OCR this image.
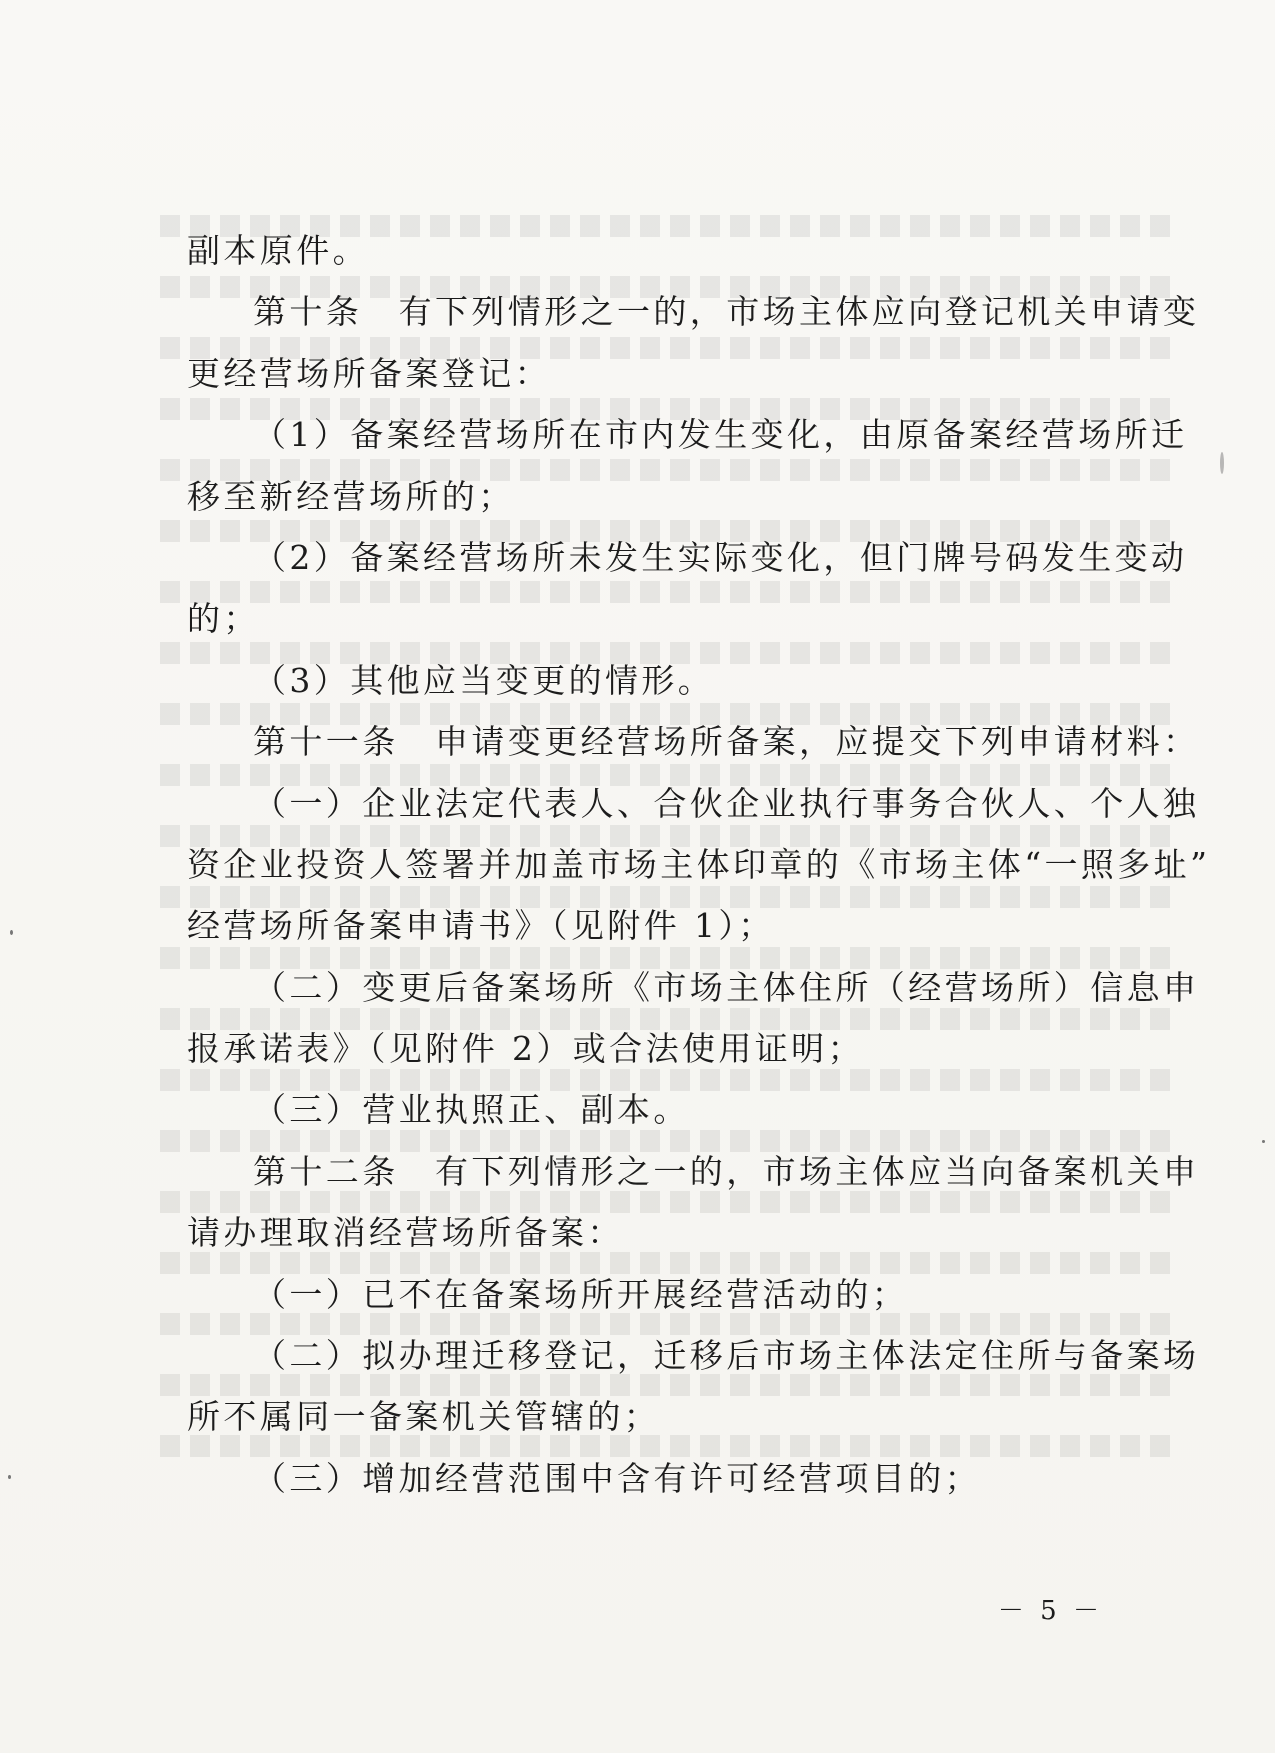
副本原件。
第十条　有下列情形之一的，市场主体应向登记机关申请变
更经营场所备案登记：
（1）备案经营场所在市内发生变化，由原备案经营场所迁
移至新经营场所的；
（2）备案经营场所未发生实际变化，但门牌号码发生变动
的；
（3）其他应当变更的情形。
第十一条　申请变更经营场所备案，应提交下列申请材料：
（一）企业法定代表人、合伙企业执行事务合伙人、个人独
资企业投资人签署并加盖市场主体印章的《市场主体“一照多址”
经营场所备案申请书》（见附件 1）；
（二）变更后备案场所《市场主体住所（经营场所）信息申
报承诺表》（见附件 2）或合法使用证明；
（三）营业执照正、副本。
第十二条　有下列情形之一的，市场主体应当向备案机关申
请办理取消经营场所备案：
（一）已不在备案场所开展经营活动的；
（二）拟办理迁移登记，迁移后市场主体法定住所与备案场
所不属同一备案机关管辖的；
（三）增加经营范围中含有许可经营项目的；
－ 5 －
